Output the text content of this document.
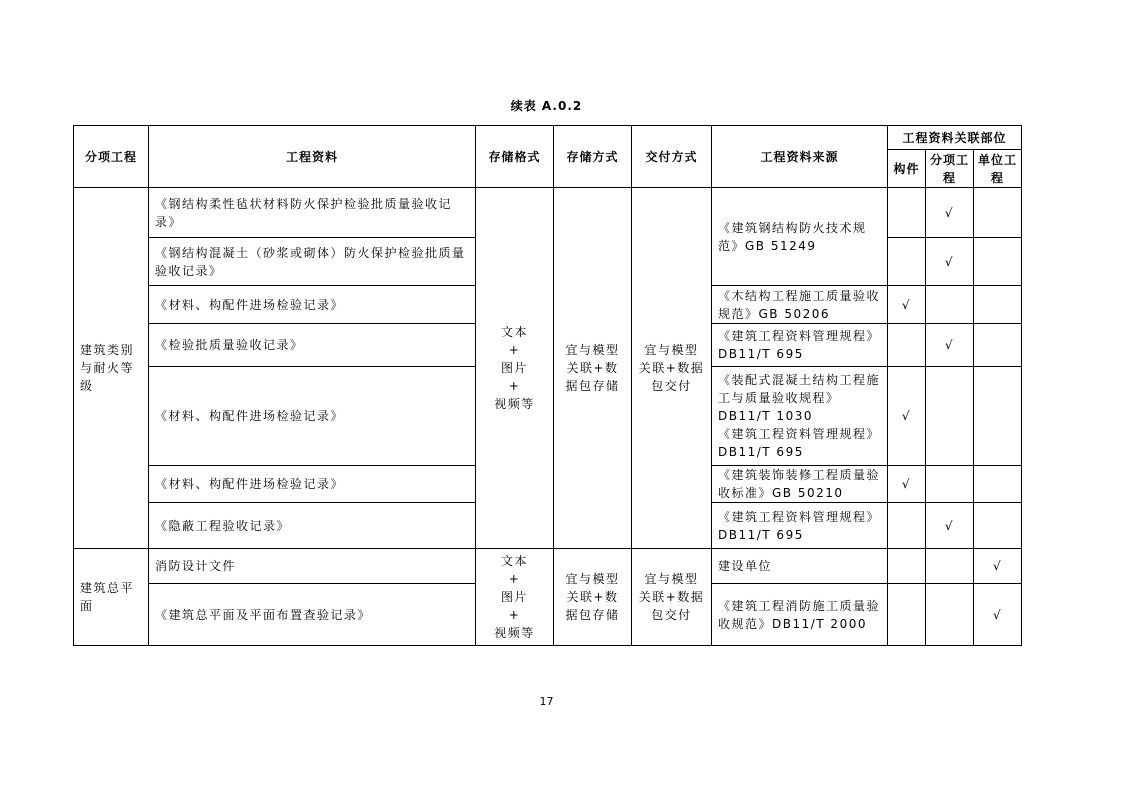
续表 A.0.2
分项工程	工程资料	存储格式	存储方式	交付方式	工程资料来源	工程资料关联部位		
						构件	分项工程	单位工程
建筑类别与耐火等级	《钢结构柔性毡状材料防火保护检验批质量验收记录》	文本
+
图片
+
视频等	宜与模型关联+数据包存储	宜与模型关联+数据包交付	《建筑钢结构防火技术规范》GB 51249		√	
	《钢结构混凝土（砂浆或砌体）防火保护检验批质量验收记录》						√	
	《材料、构配件进场检验记录》				《木结构工程施工质量验收规范》GB 50206	√		
	《检验批质量验收记录》				《建筑工程资料管理规程》DB11/T 695		√	
	《材料、构配件进场检验记录》				《装配式混凝土结构工程施工与质量验收规程》DB11/T 1030
《建筑工程资料管理规程》DB11/T 695	√		
	《材料、构配件进场检验记录》				《建筑装饰装修工程质量验收标准》GB 50210	√		
	《隐蔽工程验收记录》				《建筑工程资料管理规程》DB11/T 695		√	
建筑总平面	消防设计文件	文本
+
图片
+
视频等	宜与模型关联+数据包存储	宜与模型关联+数据包交付	建设单位			√
	《建筑总平面及平面布置查验记录》				《建筑工程消防施工质量验收规范》DB11/T 2000			√
17
